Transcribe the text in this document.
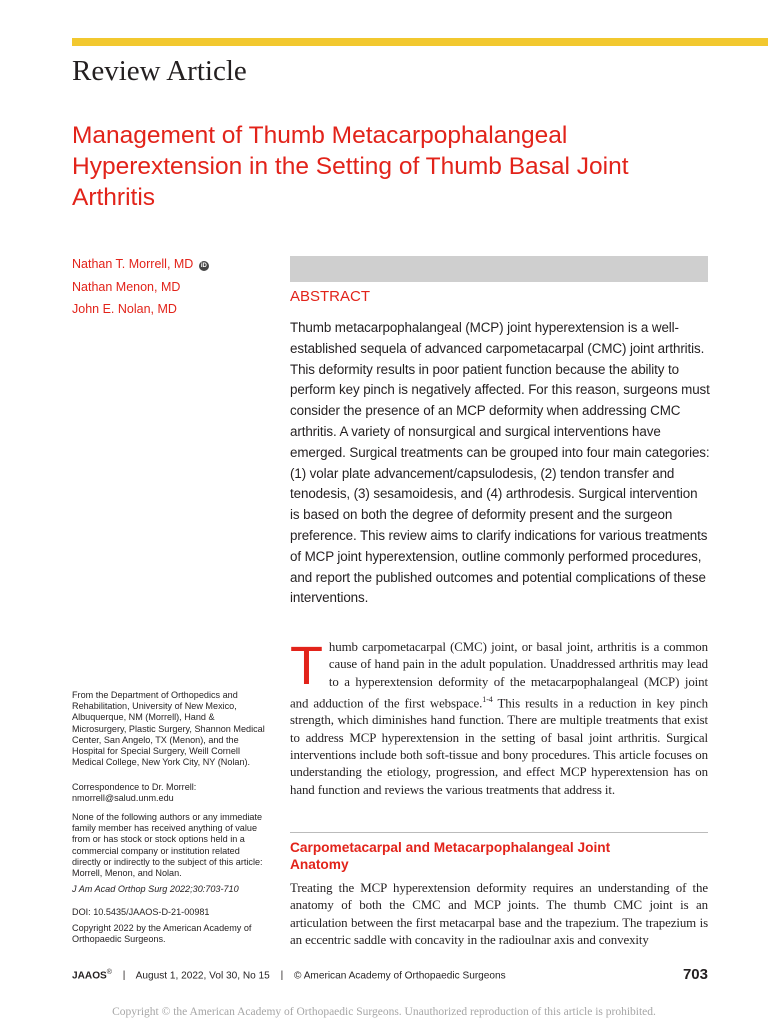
Review Article
Management of Thumb Metacarpophalangeal Hyperextension in the Setting of Thumb Basal Joint Arthritis
Nathan T. Morrell, MD iD
Nathan Menon, MD
John E. Nolan, MD
ABSTRACT

Thumb metacarpophalangeal (MCP) joint hyperextension is a well-established sequela of advanced carpometacarpal (CMC) joint arthritis. This deformity results in poor patient function because the ability to perform key pinch is negatively affected. For this reason, surgeons must consider the presence of an MCP deformity when addressing CMC arthritis. A variety of nonsurgical and surgical interventions have emerged. Surgical treatments can be grouped into four main categories: (1) volar plate advancement/capsulodesis, (2) tendon transfer and tenodesis, (3) sesamoidesis, and (4) arthrodesis. Surgical intervention is based on both the degree of deformity present and the surgeon preference. This review aims to clarify indications for various treatments of MCP joint hyperextension, outline commonly performed procedures, and report the published outcomes and potential complications of these interventions.

Thumb carpometacarpal (CMC) joint, or basal joint, arthritis is a common cause of hand pain in the adult population. Unaddressed arthritis may lead to a hyperextension deformity of the metacarpophalangeal (MCP) joint and adduction of the first webspace.$^{1-4}$ This results in a reduction in key pinch strength, which diminishes hand function. There are multiple treatments that exist to address MCP hyperextension in the setting of basal joint arthritis. Surgical interventions include both soft-tissue and bony procedures. This article focuses on understanding the etiology, progression, and effect MCP hyperextension has on hand function and reviews the various treatments that address it.
Carpometacarpal and Metacarpophalangeal Joint Anatomy

Treating the MCP hyperextension deformity requires an understanding of the anatomy of both the CMC and MCP joints. The thumb CMC joint is an articulation between the first metacarpal base and the trapezium. The trapezium is an eccentric saddle with concavity in the radioulnar axis and convexity

From the Department of Orthopedics and Rehabilitation, University of New Mexico, Albuquerque, NM (Morrell), Hand & Microsurgery, Plastic Surgery, Shannon Medical Center, San Angelo, TX (Menon), and the Hospital for Special Surgery, Weill Cornell Medical College, New York City, NY (Nolan).

Correspondence to Dr. Morrell: nmorrell@salud.unm.edu

None of the following authors or any immediate family member has received anything of value from or has stock or stock options held in a commercial company or institution related directly or indirectly to the subject of this article: Morrell, Menon, and Nolan.

J Am Acad Orthop Surg 2022;30:703-710

DOI: 10.5435/JAAOS-D-21-00981

Copyright 2022 by the American Academy of Orthopaedic Surgeons.

JAAOS® | August 1, 2022, Vol 30, No 15 | © American Academy of Orthopaedic Surgeons	703
Copyright © the American Academy of Orthopaedic Surgeons. Unauthorized reproduction of this article is prohibited.
